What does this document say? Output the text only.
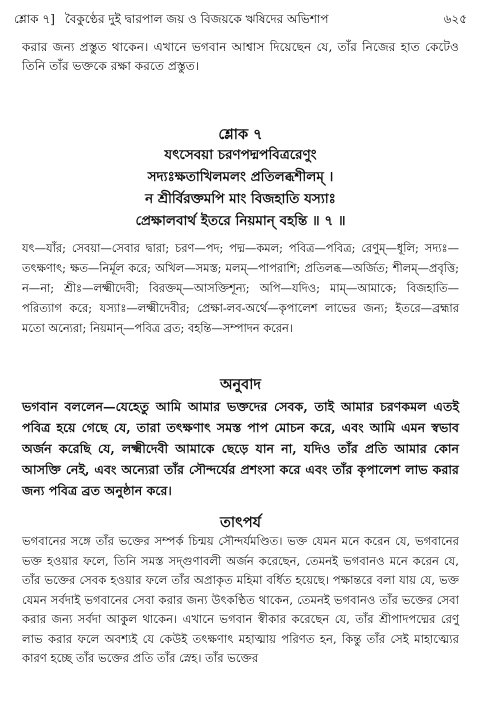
শ্লোক ৭] বৈকুণ্ঠের দুই দ্বারপাল জয় ও বিজয়কে ঋষিদের অভিশাপ	৬২৫
করার জন্য প্রস্তুত থাকেন। এখানে ভগবান আশ্বাস দিয়েছেন যে, তাঁর নিজের হাত কেটেও তিনি তাঁর ভক্তকে রক্ষা করতে প্রস্তুত।
শ্লোক ৭
যৎসেবয়া চরণপদ্মপবিত্ররেণুং
সদ্যঃক্ষতাখিলমলং প্রতিলব্ধশীলম্ ।
ন শ্রীর্বিরক্তমপি মাং বিজহাতি যস্যাঃ
প্রেক্ষালবার্থ ইতরে নিয়মান্ বহন্তি ॥ ৭ ॥
যৎ—যাঁর; সেবয়া—সেবার দ্বারা; চরণ—পদ; পদ্ম—কমল; পবিত্র—পবিত্র; রেণুম্—ধূলি; সদ্যঃ—তৎক্ষণাৎ; ক্ষত—নির্মূল করে; অখিল—সমস্ত; মলম্—পাপরাশি; প্রতিলব্ধ—অর্জিত; শীলম্—প্রবৃত্তি; ন—না; শ্রীঃ—লক্ষ্মীদেবী; বিরক্তম্—আসক্তিশূন্য; অপি—যদিও; মাম্—আমাকে; বিজহাতি—পরিত্যাগ করে; যস্যাঃ—লক্ষ্মীদেবীর; প্রেক্ষা-লব-অর্থে—কৃপালেশ লাভের জন্য; ইতরে—ব্রহ্মার মতো অন্যেরা; নিয়মান্—পবিত্র ব্রত; বহন্তি—সম্পাদন করেন।
অনুবাদ
ভগবান বললেন—যেহেতু আমি আমার ভক্তদের সেবক, তাই আমার চরণকমল এতই পবিত্র হয়ে গেছে যে, তারা তৎক্ষণাৎ সমস্ত পাপ মোচন করে, এবং আমি এমন স্বভাব অর্জন করেছি যে, লক্ষ্মীদেবী আমাকে ছেড়ে যান না, যদিও তাঁর প্রতি আমার কোন আসক্তি নেই, এবং অন্যেরা তাঁর সৌন্দর্যের প্রশংসা করে এবং তাঁর কৃপালেশ লাভ করার জন্য পবিত্র ব্রত অনুষ্ঠান করে।
তাৎপর্য
ভগবানের সঙ্গে তাঁর ভক্তের সম্পর্ক চিন্ময় সৌন্দর্যমণ্ডিত। ভক্ত যেমন মনে করেন যে, ভগবানের ভক্ত হওয়ার ফলে, তিনি সমস্ত সদ্গুণাবলী অর্জন করেছেন, তেমনই ভগবানও মনে করেন যে, তাঁর ভক্তের সেবক হওয়ার ফলে তাঁর অপ্রাকৃত মহিমা বর্ধিত হয়েছে। পক্ষান্তরে বলা যায় যে, ভক্ত যেমন সর্বদাই ভগবানের সেবা করার জন্য উৎকণ্ঠিত থাকেন, তেমনই ভগবানও তাঁর ভক্তের সেবা করার জন্য সর্বদা আকুল থাকেন। এখানে ভগবান স্বীকার করেছেন যে, তাঁর শ্রীপাদপদ্মের রেণু লাভ করার ফলে অবশ্যই যে কেউই তৎক্ষণাৎ মহাত্মায় পরিণত হন, কিন্তু তাঁর সেই মাহাত্ম্যের কারণ হচ্ছে তাঁর ভক্তের প্রতি তাঁর স্নেহ। তাঁর ভক্তের
